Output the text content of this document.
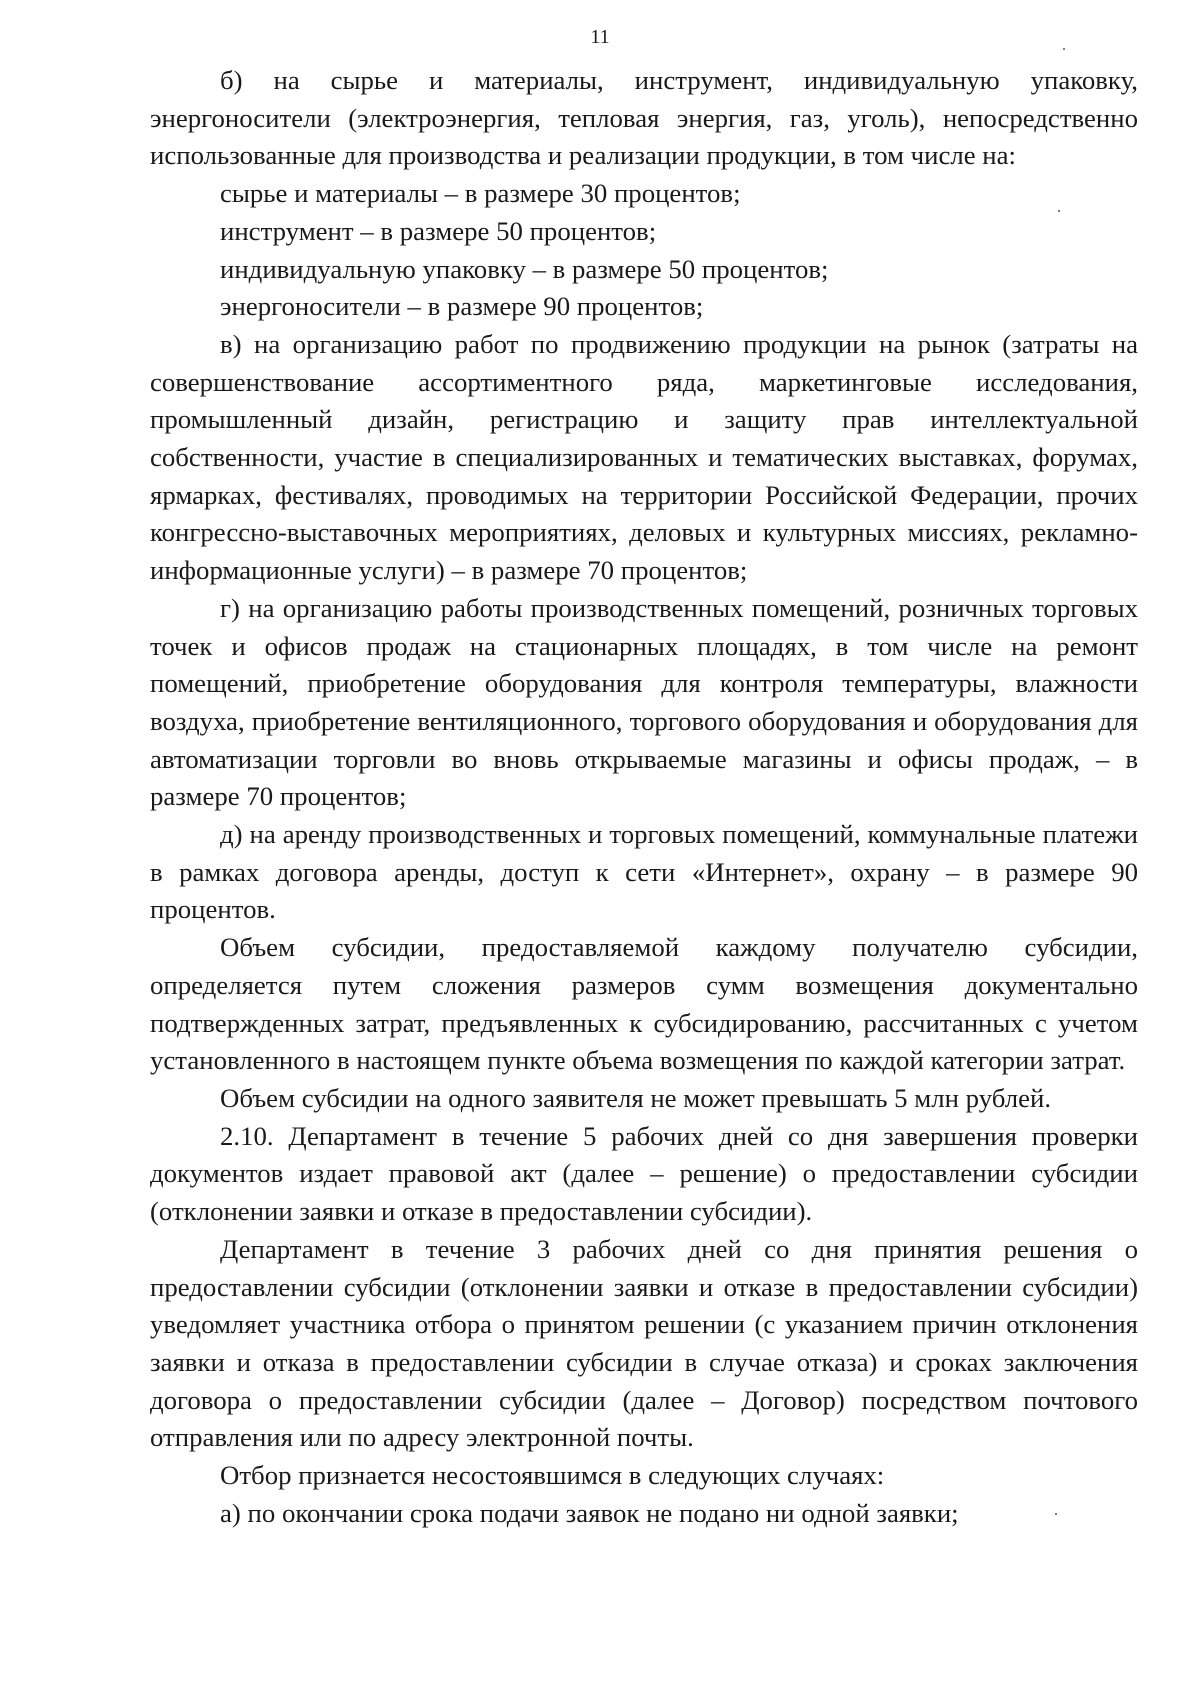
11

б) на сырье и материалы, инструмент, индивидуальную упаковку, энергоносители (электроэнергия, тепловая энергия, газ, уголь), непосредственно использованные для производства и реализации продукции, в том числе на:

сырье и материалы – в размере 30 процентов;

инструмент – в размере 50 процентов;

индивидуальную упаковку – в размере 50 процентов;

энергоносители – в размере 90 процентов;

в) на организацию работ по продвижению продукции на рынок (затраты на совершенствование ассортиментного ряда, маркетинговые исследования, промышленный дизайн, регистрацию и защиту прав интеллектуальной собственности, участие в специализированных и тематических выставках, форумах, ярмарках, фестивалях, проводимых на территории Российской Федерации, прочих конгрессно-выставочных мероприятиях, деловых и культурных миссиях, рекламно-информационные услуги) – в размере 70 процентов;

г) на организацию работы производственных помещений, розничных торговых точек и офисов продаж на стационарных площадях, в том числе на ремонт помещений, приобретение оборудования для контроля температуры, влажности воздуха, приобретение вентиляционного, торгового оборудования и оборудования для автоматизации торговли во вновь открываемые магазины и офисы продаж, – в размере 70 процентов;

д) на аренду производственных и торговых помещений, коммунальные платежи в рамках договора аренды, доступ к сети «Интернет», охрану – в размере 90 процентов.

Объем субсидии, предоставляемой каждому получателю субсидии, определяется путем сложения размеров сумм возмещения документально подтвержденных затрат, предъявленных к субсидированию, рассчитанных с учетом установленного в настоящем пункте объема возмещения по каждой категории затрат.

Объем субсидии на одного заявителя не может превышать 5 млн рублей.

2.10. Департамент в течение 5 рабочих дней со дня завершения проверки документов издает правовой акт (далее – решение) о предоставлении субсидии (отклонении заявки и отказе в предоставлении субсидии).

Департамент в течение 3 рабочих дней со дня принятия решения о предоставлении субсидии (отклонении заявки и отказе в предоставлении субсидии) уведомляет участника отбора о принятом решении (с указанием причин отклонения заявки и отказа в предоставлении субсидии в случае отказа) и сроках заключения договора о предоставлении субсидии (далее – Договор) посредством почтового отправления или по адресу электронной почты.

Отбор признается несостоявшимся в следующих случаях:

а) по окончании срока подачи заявок не подано ни одной заявки;
